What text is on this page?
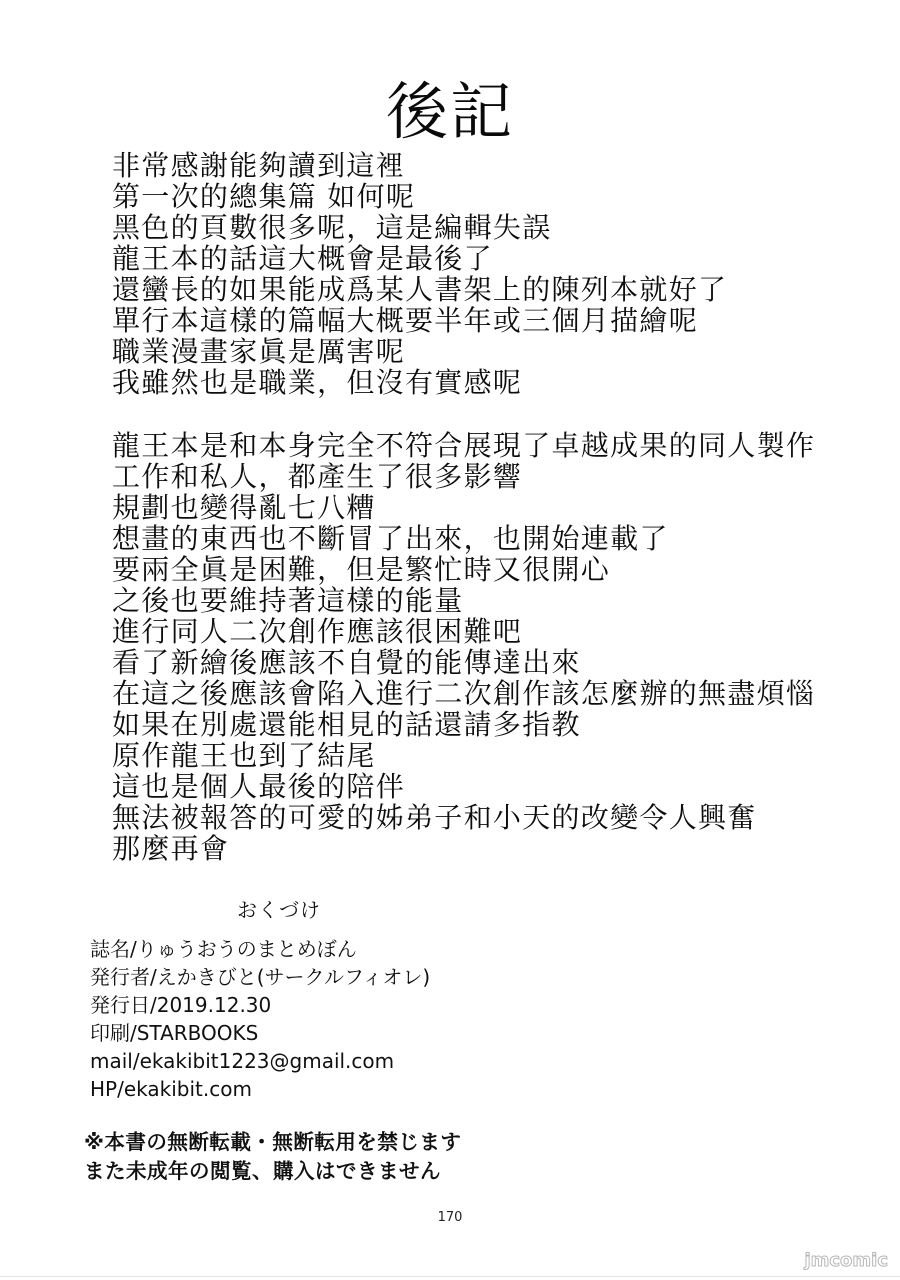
後記
非常感謝能夠讀到這裡
第一次的總集篇 如何呢
黑色的頁數很多呢，這是編輯失誤
龍王本的話這大概會是最後了
還蠻長的如果能成爲某人書架上的陳列本就好了
單行本這樣的篇幅大概要半年或三個月描繪呢
職業漫畫家眞是厲害呢
我雖然也是職業，但沒有實感呢
龍王本是和本身完全不符合展現了卓越成果的同人製作
工作和私人，都產生了很多影響
規劃也變得亂七八糟
想畫的東西也不斷冒了出來，也開始連載了
要兩全眞是困難，但是繁忙時又很開心
之後也要維持著這樣的能量
進行同人二次創作應該很困難吧
看了新繪後應該不自覺的能傳達出來
在這之後應該會陷入進行二次創作該怎麼辦的無盡煩惱
如果在別處還能相見的話還請多指教
原作龍王也到了結尾
這也是個人最後的陪伴
無法被報答的可愛的姊弟子和小天的改變令人興奮
那麼再會
おくづけ
誌名/りゅうおうのまとめぼん
発行者/えかきびと(サークルフィオレ)
発行日/2019.12.30
印刷/STARBOOKS
mail/ekakibit1223@gmail.com
HP/ekakibit.com
※本書の無断転載・無断転用を禁じます
また未成年の閲覧、購入はできません
170
jmcomic
